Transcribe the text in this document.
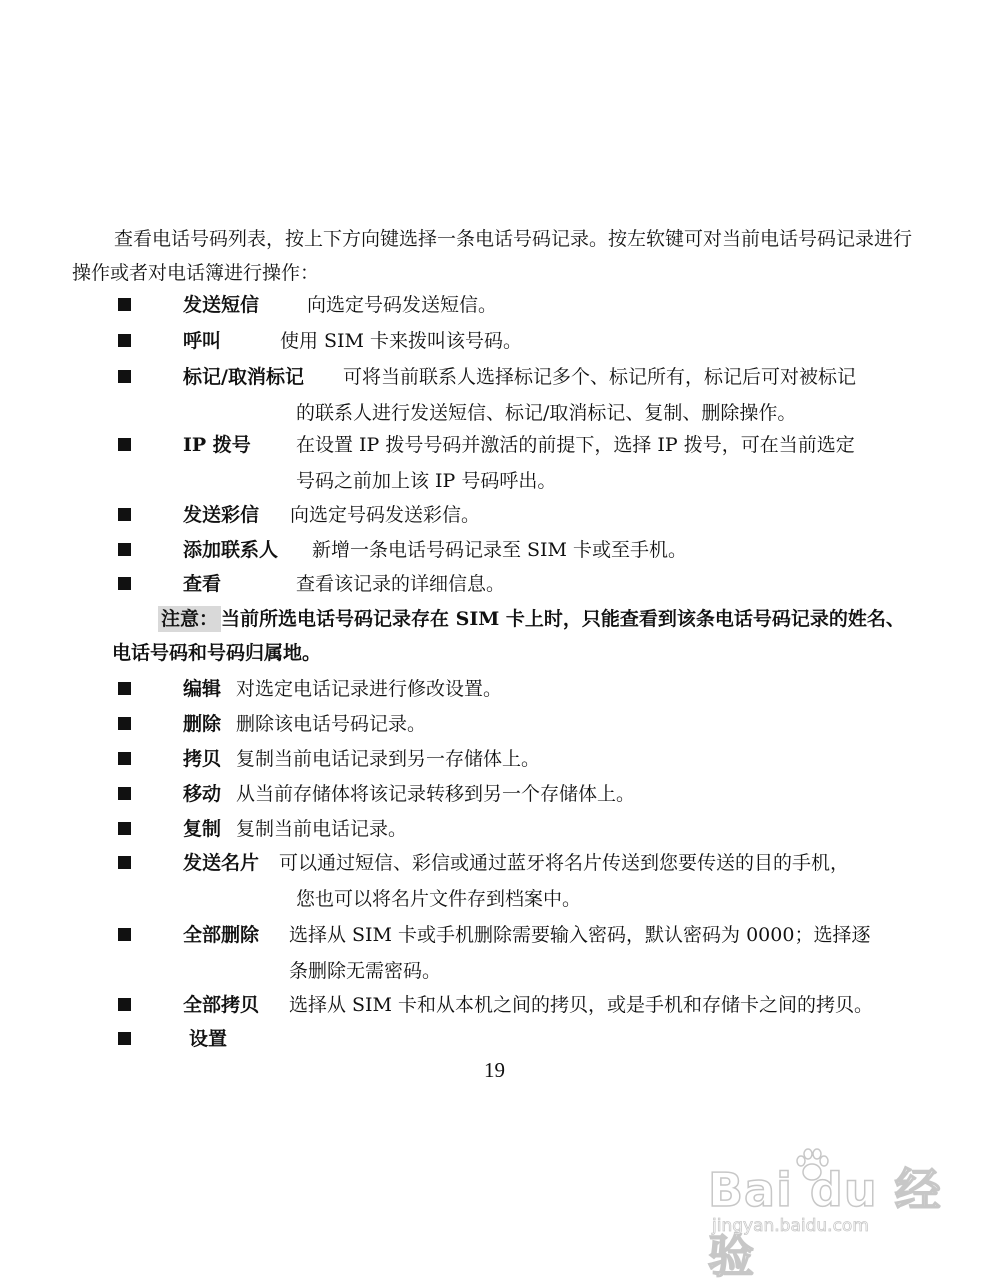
查看电话号码列表，按上下方向键选择一条电话号码记录。按左软键可对当前电话号码记录进行操作或者对电话簿进行操作：

发送短信	向选定号码发送短信。
呼叫	使用 SIM 卡来拨叫该号码。
标记/取消标记 可将当前联系人选择标记多个、标记所有，标记后可对被标记
的联系人进行发送短信、标记/取消标记、复制、删除操作。
IP 拨号 在设置 IP 拨号号码并激活的前提下，选择 IP 拨号，可在当前选定
号码之前加上该 IP 号码呼出。
发送彩信 向选定号码发送彩信。
添加联系人 新增一条电话号码记录至 SIM 卡或至手机。
查看	查看该记录的详细信息。

注意： 当前所选电话号码记录存在 SIM 卡上时，只能查看到该条电话号码记录的姓名、电话号码和号码归属地。

编辑 对选定电话记录进行修改设置。
删除 删除该电话号码记录。
拷贝 复制当前电话记录到另一存储体上。
移动 从当前存储体将该记录转移到另一个存储体上。
复制 复制当前电话记录。
发送名片 可以通过短信、彩信或通过蓝牙将名片传送到您要传送的目的手机，
您也可以将名片文件存到档案中。
全部删除 选择从 SIM 卡或手机删除需要输入密码，默认密码为 0000；选择逐
条删除无需密码。
全部拷贝 选择从 SIM 卡和从本机之间的拷贝，或是手机和存储卡之间的拷贝。
设置
19
Bai du 经验
jingyan.baidu.com
